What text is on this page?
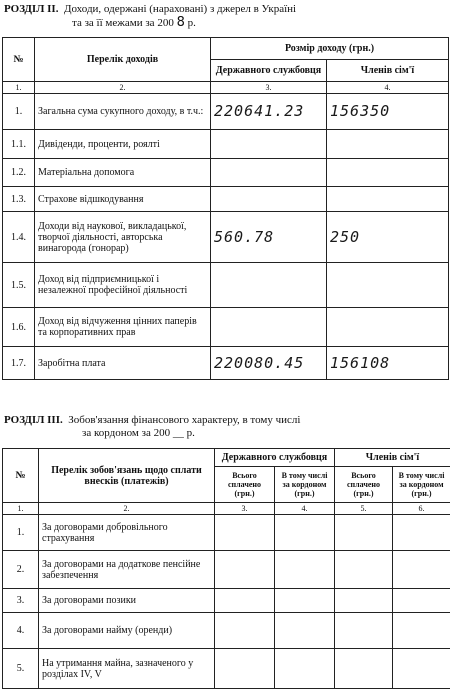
РОЗДІЛ ІІ. Доходи, одержані (нараховані) з джерел в Україні
та за її межами за 200 8 р.
№	Перелік доходів	Розмір доходу (грн.)	
		Державного службовця	Членів сім'ї
1.	2.	3.	4.
1.	Загальна сума сукупного доходу, в т.ч.:	220641.23	156350
1.1.	Дивіденди, проценти, роялті		
1.2.	Матеріальна допомога		
1.3.	Страхове відшкодування		
1.4.	Доходи від наукової, викладацької, творчої діяльності, авторська винагорода (гонорар)	560.78	250
1.5.	Доход від підприємницької і незалежної професійної діяльності		
1.6.	Доход від відчуження цінних паперів та корпоративних прав		
1.7.	Заробітна плата	220080.45	156108
РОЗДІЛ ІІІ. Зобов'язання фінансового характеру, в тому числі
за кордоном за 200 __ р.
№	Перелік зобов'язань щодо сплати внесків (платежів)	Державного службовця		Членів сім'ї	
		Всього сплачено (грн.)	В тому числі за кордоном (грн.)	Всього сплачено (грн.)	В тому числі за кордоном (грн.)
1.	2.	3.	4.	5.	6.
1.	За договорами добровільного страхування				
2.	За договорами на додаткове пенсійне забезпечення				
3.	За договорами позики				
4.	За договорами найму (оренди)				
5.	На утримання майна, зазначеного у розділах IV, V				
